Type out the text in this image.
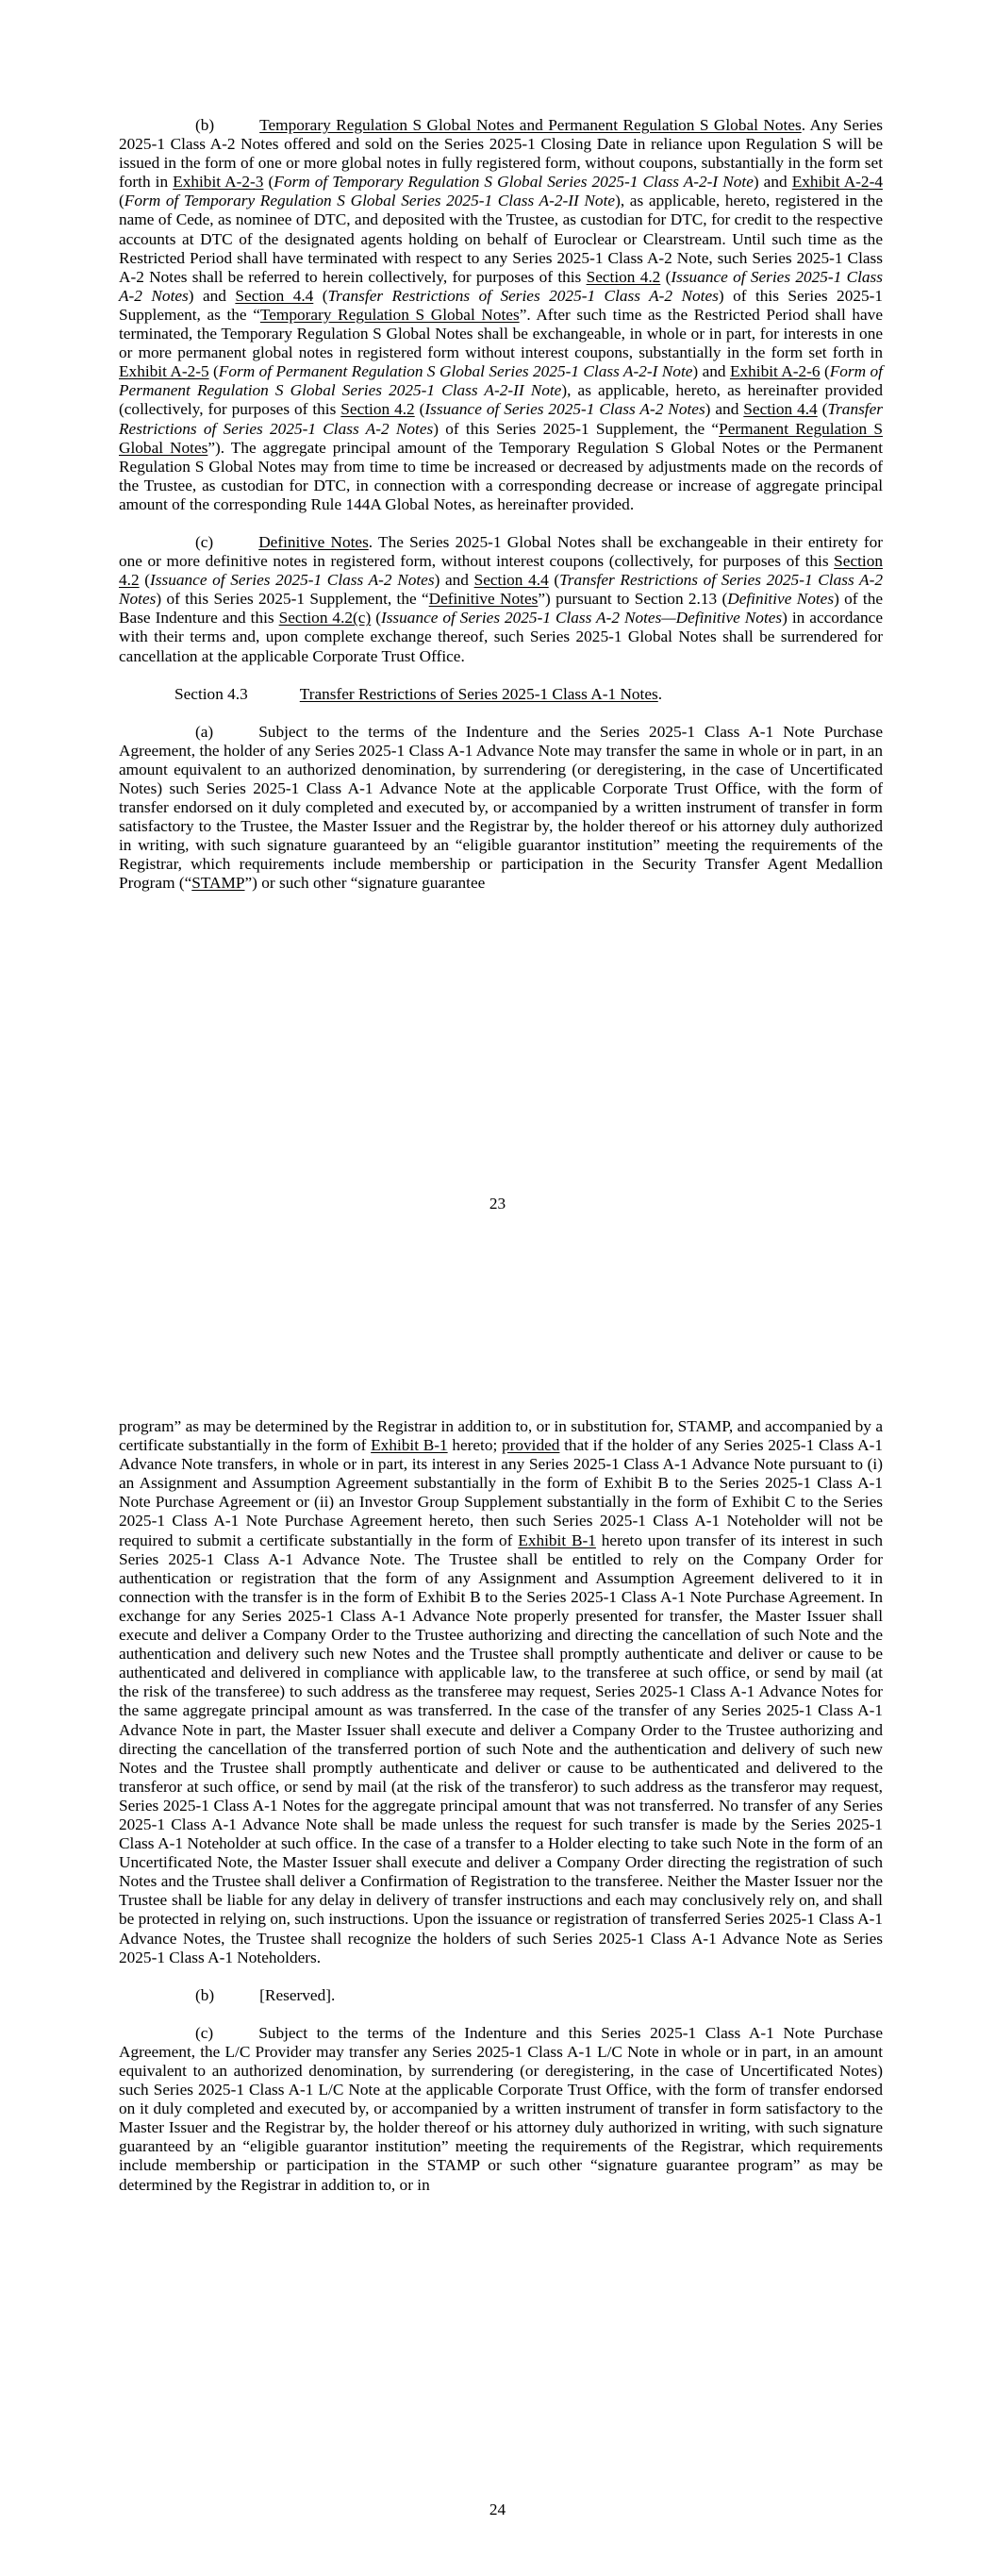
(b)	Temporary Regulation S Global Notes and Permanent Regulation S Global Notes. Any Series 2025-1 Class A-2 Notes offered and sold on the Series 2025-1 Closing Date in reliance upon Regulation S will be issued in the form of one or more global notes in fully registered form, without coupons, substantially in the form set forth in Exhibit A-2-3 (Form of Temporary Regulation S Global Series 2025-1 Class A-2-I Note) and Exhibit A-2-4 (Form of Temporary Regulation S Global Series 2025-1 Class A-2-II Note), as applicable, hereto, registered in the name of Cede, as nominee of DTC, and deposited with the Trustee, as custodian for DTC, for credit to the respective accounts at DTC of the designated agents holding on behalf of Euroclear or Clearstream. Until such time as the Restricted Period shall have terminated with respect to any Series 2025-1 Class A-2 Note, such Series 2025-1 Class A-2 Notes shall be referred to herein collectively, for purposes of this Section 4.2 (Issuance of Series 2025-1 Class A-2 Notes) and Section 4.4 (Transfer Restrictions of Series 2025-1 Class A-2 Notes) of this Series 2025-1 Supplement, as the “Temporary Regulation S Global Notes”. After such time as the Restricted Period shall have terminated, the Temporary Regulation S Global Notes shall be exchangeable, in whole or in part, for interests in one or more permanent global notes in registered form without interest coupons, substantially in the form set forth in Exhibit A-2-5 (Form of Permanent Regulation S Global Series 2025-1 Class A-2-I Note) and Exhibit A-2-6 (Form of Permanent Regulation S Global Series 2025-1 Class A-2-II Note), as applicable, hereto, as hereinafter provided (collectively, for purposes of this Section 4.2 (Issuance of Series 2025-1 Class A-2 Notes) and Section 4.4 (Transfer Restrictions of Series 2025-1 Class A-2 Notes) of this Series 2025-1 Supplement, the “Permanent Regulation S Global Notes”). The aggregate principal amount of the Temporary Regulation S Global Notes or the Permanent Regulation S Global Notes may from time to time be increased or decreased by adjustments made on the records of the Trustee, as custodian for DTC, in connection with a corresponding decrease or increase of aggregate principal amount of the corresponding Rule 144A Global Notes, as hereinafter provided.

(c)	Definitive Notes. The Series 2025-1 Global Notes shall be exchangeable in their entirety for one or more definitive notes in registered form, without interest coupons (collectively, for purposes of this Section 4.2 (Issuance of Series 2025-1 Class A-2 Notes) and Section 4.4 (Transfer Restrictions of Series 2025-1 Class A-2 Notes) of this Series 2025-1 Supplement, the “Definitive Notes”) pursuant to Section 2.13 (Definitive Notes) of the Base Indenture and this Section 4.2(c) (Issuance of Series 2025-1 Class A-2 Notes—Definitive Notes) in accordance with their terms and, upon complete exchange thereof, such Series 2025-1 Global Notes shall be surrendered for cancellation at the applicable Corporate Trust Office.

Section 4.3	Transfer Restrictions of Series 2025-1 Class A-1 Notes.

(a)	Subject to the terms of the Indenture and the Series 2025-1 Class A-1 Note Purchase Agreement, the holder of any Series 2025-1 Class A-1 Advance Note may transfer the same in whole or in part, in an amount equivalent to an authorized denomination, by surrendering (or deregistering, in the case of Uncertificated Notes) such Series 2025-1 Class A-1 Advance Note at the applicable Corporate Trust Office, with the form of transfer endorsed on it duly completed and executed by, or accompanied by a written instrument of transfer in form satisfactory to the Trustee, the Master Issuer and the Registrar by, the holder thereof or his attorney duly authorized in writing, with such signature guaranteed by an “eligible guarantor institution” meeting the requirements of the Registrar, which requirements include membership or participation in the Security Transfer Agent Medallion Program (“STAMP”) or such other “signature guarantee

23

program” as may be determined by the Registrar in addition to, or in substitution for, STAMP, and accompanied by a certificate substantially in the form of Exhibit B-1 hereto; provided that if the holder of any Series 2025-1 Class A-1 Advance Note transfers, in whole or in part, its interest in any Series 2025-1 Class A-1 Advance Note pursuant to (i) an Assignment and Assumption Agreement substantially in the form of Exhibit B to the Series 2025-1 Class A-1 Note Purchase Agreement or (ii) an Investor Group Supplement substantially in the form of Exhibit C to the Series 2025-1 Class A-1 Note Purchase Agreement hereto, then such Series 2025-1 Class A-1 Noteholder will not be required to submit a certificate substantially in the form of Exhibit B-1 hereto upon transfer of its interest in such Series 2025-1 Class A-1 Advance Note. The Trustee shall be entitled to rely on the Company Order for authentication or registration that the form of any Assignment and Assumption Agreement delivered to it in connection with the transfer is in the form of Exhibit B to the Series 2025-1 Class A-1 Note Purchase Agreement. In exchange for any Series 2025-1 Class A-1 Advance Note properly presented for transfer, the Master Issuer shall execute and deliver a Company Order to the Trustee authorizing and directing the cancellation of such Note and the authentication and delivery such new Notes and the Trustee shall promptly authenticate and deliver or cause to be authenticated and delivered in compliance with applicable law, to the transferee at such office, or send by mail (at the risk of the transferee) to such address as the transferee may request, Series 2025-1 Class A-1 Advance Notes for the same aggregate principal amount as was transferred. In the case of the transfer of any Series 2025-1 Class A-1 Advance Note in part, the Master Issuer shall execute and deliver a Company Order to the Trustee authorizing and directing the cancellation of the transferred portion of such Note and the authentication and delivery of such new Notes and the Trustee shall promptly authenticate and deliver or cause to be authenticated and delivered to the transferor at such office, or send by mail (at the risk of the transferor) to such address as the transferor may request, Series 2025-1 Class A-1 Notes for the aggregate principal amount that was not transferred. No transfer of any Series 2025-1 Class A-1 Advance Note shall be made unless the request for such transfer is made by the Series 2025-1 Class A-1 Noteholder at such office. In the case of a transfer to a Holder electing to take such Note in the form of an Uncertificated Note, the Master Issuer shall execute and deliver a Company Order directing the registration of such Notes and the Trustee shall deliver a Confirmation of Registration to the transferee. Neither the Master Issuer nor the Trustee shall be liable for any delay in delivery of transfer instructions and each may conclusively rely on, and shall be protected in relying on, such instructions. Upon the issuance or registration of transferred Series 2025-1 Class A-1 Advance Notes, the Trustee shall recognize the holders of such Series 2025-1 Class A-1 Advance Note as Series 2025-1 Class A-1 Noteholders.

(b)	[Reserved].

(c)	Subject to the terms of the Indenture and this Series 2025-1 Class A-1 Note Purchase Agreement, the L/C Provider may transfer any Series 2025-1 Class A-1 L/C Note in whole or in part, in an amount equivalent to an authorized denomination, by surrendering (or deregistering, in the case of Uncertificated Notes) such Series 2025-1 Class A-1 L/C Note at the applicable Corporate Trust Office, with the form of transfer endorsed on it duly completed and executed by, or accompanied by a written instrument of transfer in form satisfactory to the Master Issuer and the Registrar by, the holder thereof or his attorney duly authorized in writing, with such signature guaranteed by an “eligible guarantor institution” meeting the requirements of the Registrar, which requirements include membership or participation in the STAMP or such other “signature guarantee program” as may be determined by the Registrar in addition to, or in

24
